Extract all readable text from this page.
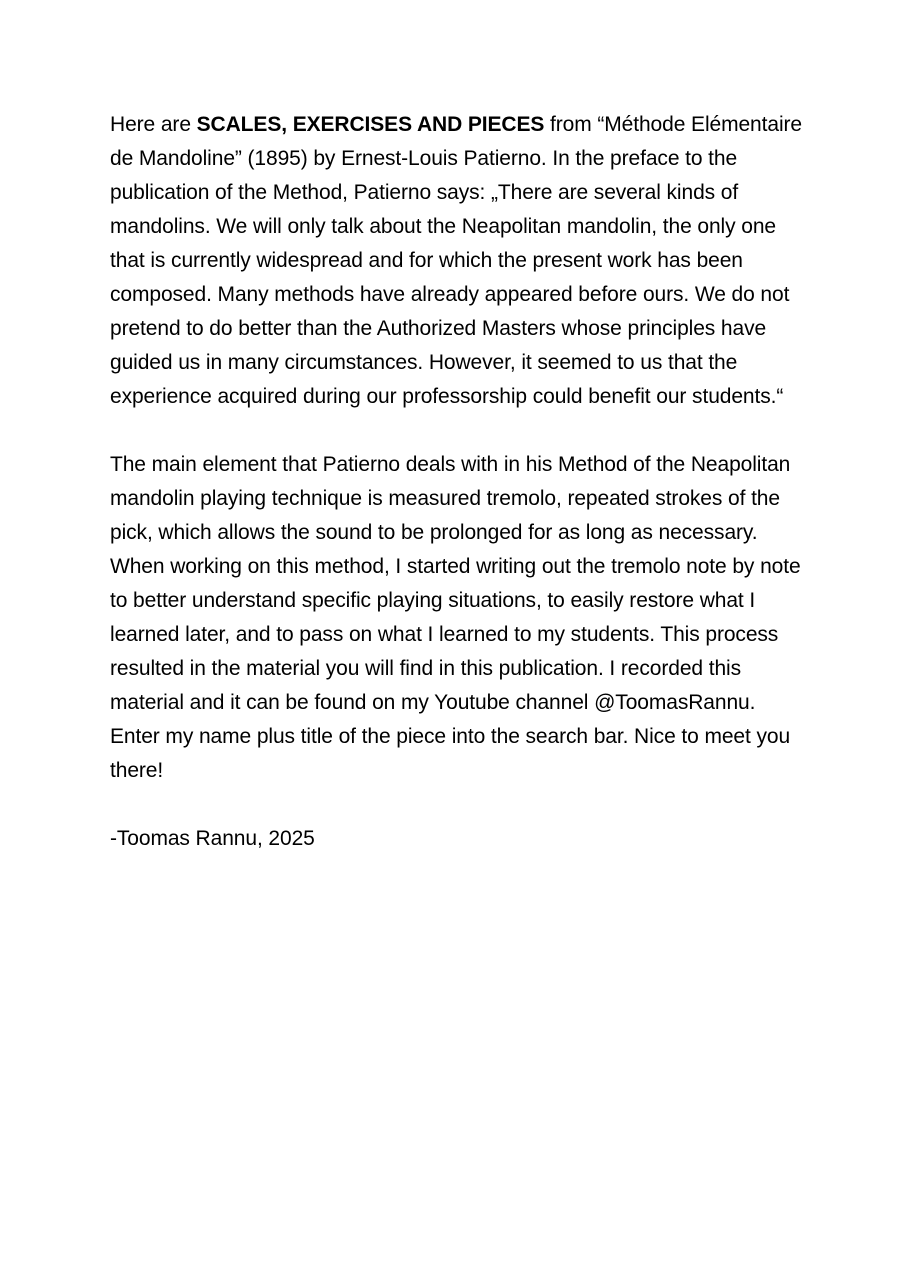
Here are SCALES, EXERCISES AND PIECES from “Méthode Elémentaire de Mandoline” (1895) by Ernest-Louis Patierno. In the preface to the publication of the Method, Patierno says: „There are several kinds of mandolins. We will only talk about the Neapolitan mandolin, the only one that is currently widespread and for which the present work has been composed. Many methods have already appeared before ours. We do not pretend to do better than the Authorized Masters whose principles have guided us in many circumstances. However, it seemed to us that the experience acquired during our professorship could benefit our students.“

The main element that Patierno deals with in his Method of the Neapolitan mandolin playing technique is measured tremolo, repeated strokes of the pick, which allows the sound to be prolonged for as long as necessary. When working on this method, I started writing out the tremolo note by note to better understand specific playing situations, to easily restore what I learned later, and to pass on what I learned to my students. This process resulted in the material you will find in this publication. I recorded this material and it can be found on my Youtube channel @ToomasRannu. Enter my name plus title of the piece into the search bar. Nice to meet you there!

-Toomas Rannu, 2025
